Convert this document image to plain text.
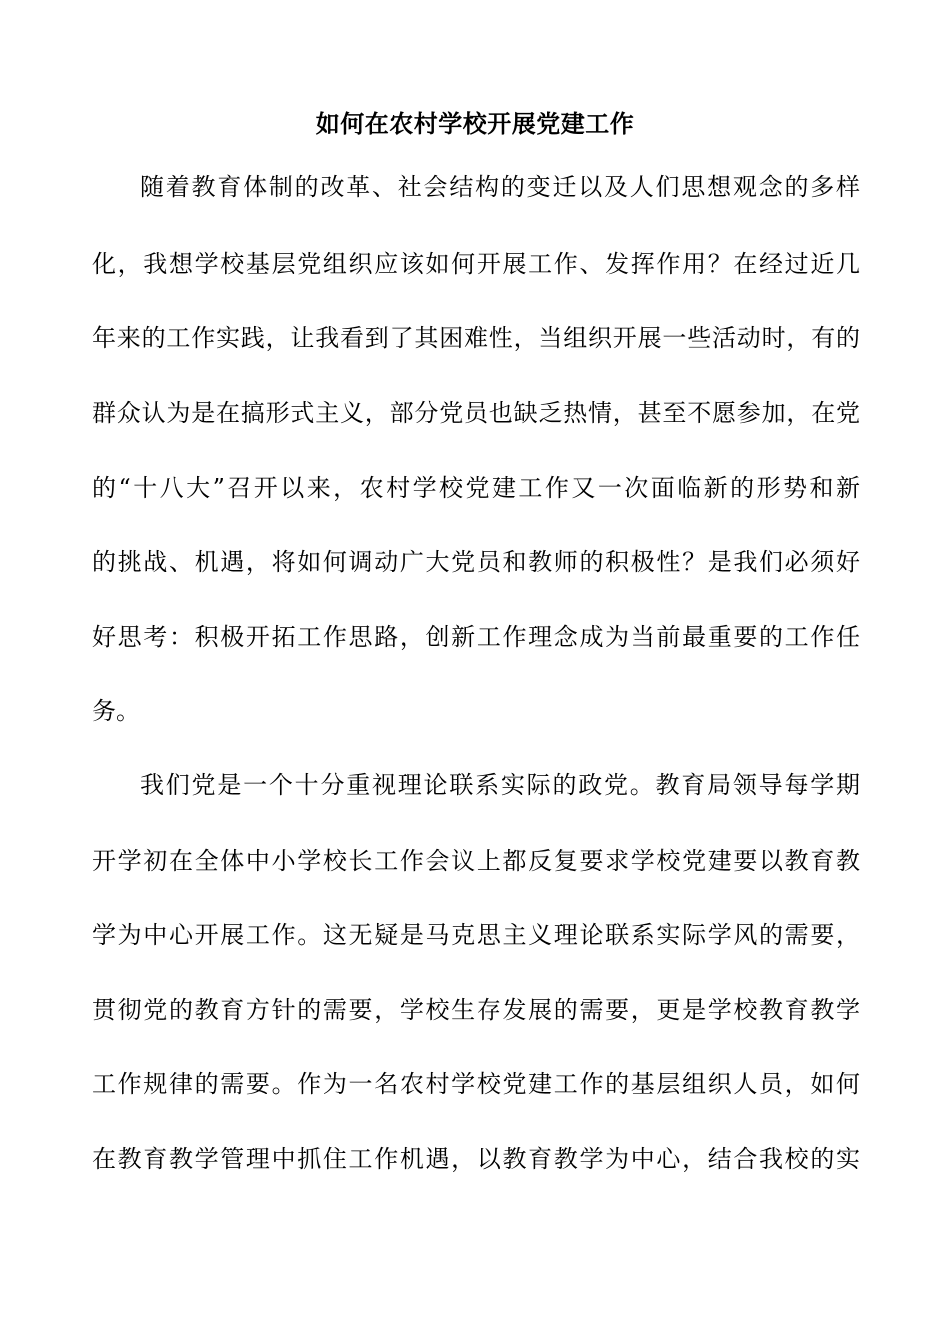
如何在农村学校开展党建工作
随着教育体制的改革、社会结构的变迁以及人们思想观念的多样
化，我想学校基层党组织应该如何开展工作、发挥作用？在经过近几
年来的工作实践，让我看到了其困难性，当组织开展一些活动时，有的
群众认为是在搞形式主义，部分党员也缺乏热情，甚至不愿参加，在党
的“十八大”召开以来，农村学校党建工作又一次面临新的形势和新
的挑战、机遇，将如何调动广大党员和教师的积极性？是我们必须好
好思考：积极开拓工作思路，创新工作理念成为当前最重要的工作任
务。
我们党是一个十分重视理论联系实际的政党。教育局领导每学期
开学初在全体中小学校长工作会议上都反复要求学校党建要以教育教
学为中心开展工作。这无疑是马克思主义理论联系实际学风的需要，
贯彻党的教育方针的需要，学校生存发展的需要，更是学校教育教学
工作规律的需要。作为一名农村学校党建工作的基层组织人员，如何
在教育教学管理中抓住工作机遇，以教育教学为中心，结合我校的实
